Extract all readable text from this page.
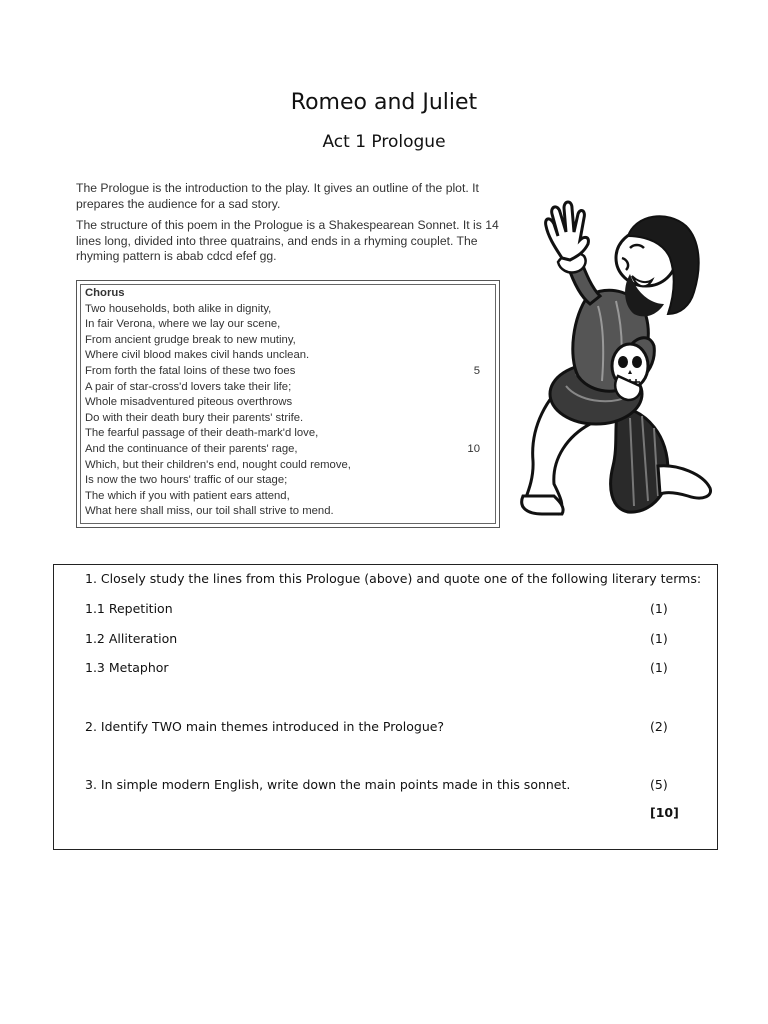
Romeo and Juliet
Act 1 Prologue

The Prologue is the introduction to the play. It gives an outline of the plot. It prepares the audience for a sad story.

The structure of this poem in the Prologue is a Shakespearean Sonnet. It is 14 lines long, divided into three quatrains, and ends in a rhyming couplet. The rhyming pattern is abab cdcd efef gg.

Chorus
Two households, both alike in dignity,
In fair Verona, where we lay our scene,
From ancient grudge break to new mutiny,
Where civil blood makes civil hands unclean.
From forth the fatal loins of these two foes	5
A pair of star-cross'd lovers take their life;
Whole misadventured piteous overthrows
Do with their death bury their parents' strife.
The fearful passage of their death-mark'd love,
And the continuance of their parents' rage,	10
Which, but their children's end, nought could remove,
Is now the two hours' traffic of our stage;
The which if you with patient ears attend,
What here shall miss, our toil shall strive to mend.
1. Closely study the lines from this Prologue (above) and quote one of the following literary terms:
1.1 Repetition	(1)
1.2 Alliteration	(1)
1.3 Metaphor	(1)
2. Identify TWO main themes introduced in the Prologue?	(2)
3. In simple modern English, write down the main points made in this sonnet.	(5)
[10]
